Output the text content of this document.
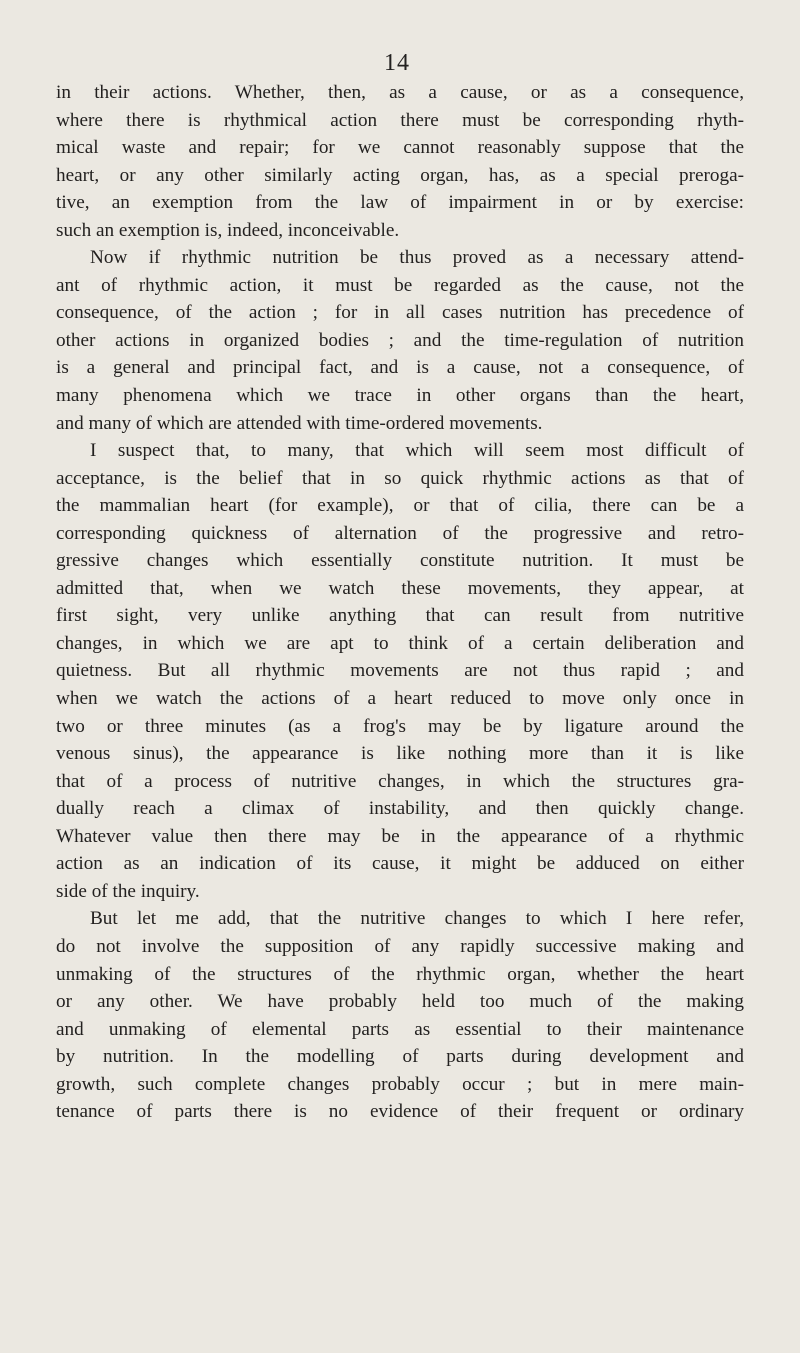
14
in their actions. Whether, then, as a cause, or as a consequence,
where there is rhythmical action there must be corresponding rhyth-
mical waste and repair; for we cannot reasonably suppose that the
heart, or any other similarly acting organ, has, as a special preroga-
tive, an exemption from the law of impairment in or by exercise:
such an exemption is, indeed, inconceivable.
Now if rhythmic nutrition be thus proved as a necessary attend-
ant of rhythmic action, it must be regarded as the cause, not the
consequence, of the action ; for in all cases nutrition has precedence of
other actions in organized bodies ; and the time-regulation of nutrition
is a general and principal fact, and is a cause, not a consequence, of
many phenomena which we trace in other organs than the heart,
and many of which are attended with time-ordered movements.
I suspect that, to many, that which will seem most difficult of
acceptance, is the belief that in so quick rhythmic actions as that of
the mammalian heart (for example), or that of cilia, there can be a
corresponding quickness of alternation of the progressive and retro-
gressive changes which essentially constitute nutrition. It must be
admitted that, when we watch these movements, they appear, at
first sight, very unlike anything that can result from nutritive
changes, in which we are apt to think of a certain deliberation and
quietness. But all rhythmic movements are not thus rapid ; and
when we watch the actions of a heart reduced to move only once in
two or three minutes (as a frog's may be by ligature around the
venous sinus), the appearance is like nothing more than it is like
that of a process of nutritive changes, in which the structures gra-
dually reach a climax of instability, and then quickly change.
Whatever value then there may be in the appearance of a rhythmic
action as an indication of its cause, it might be adduced on either
side of the inquiry.
But let me add, that the nutritive changes to which I here refer,
do not involve the supposition of any rapidly successive making and
unmaking of the structures of the rhythmic organ, whether the heart
or any other. We have probably held too much of the making
and unmaking of elemental parts as essential to their maintenance
by nutrition. In the modelling of parts during development and
growth, such complete changes probably occur ; but in mere main-
tenance of parts there is no evidence of their frequent or ordinary
